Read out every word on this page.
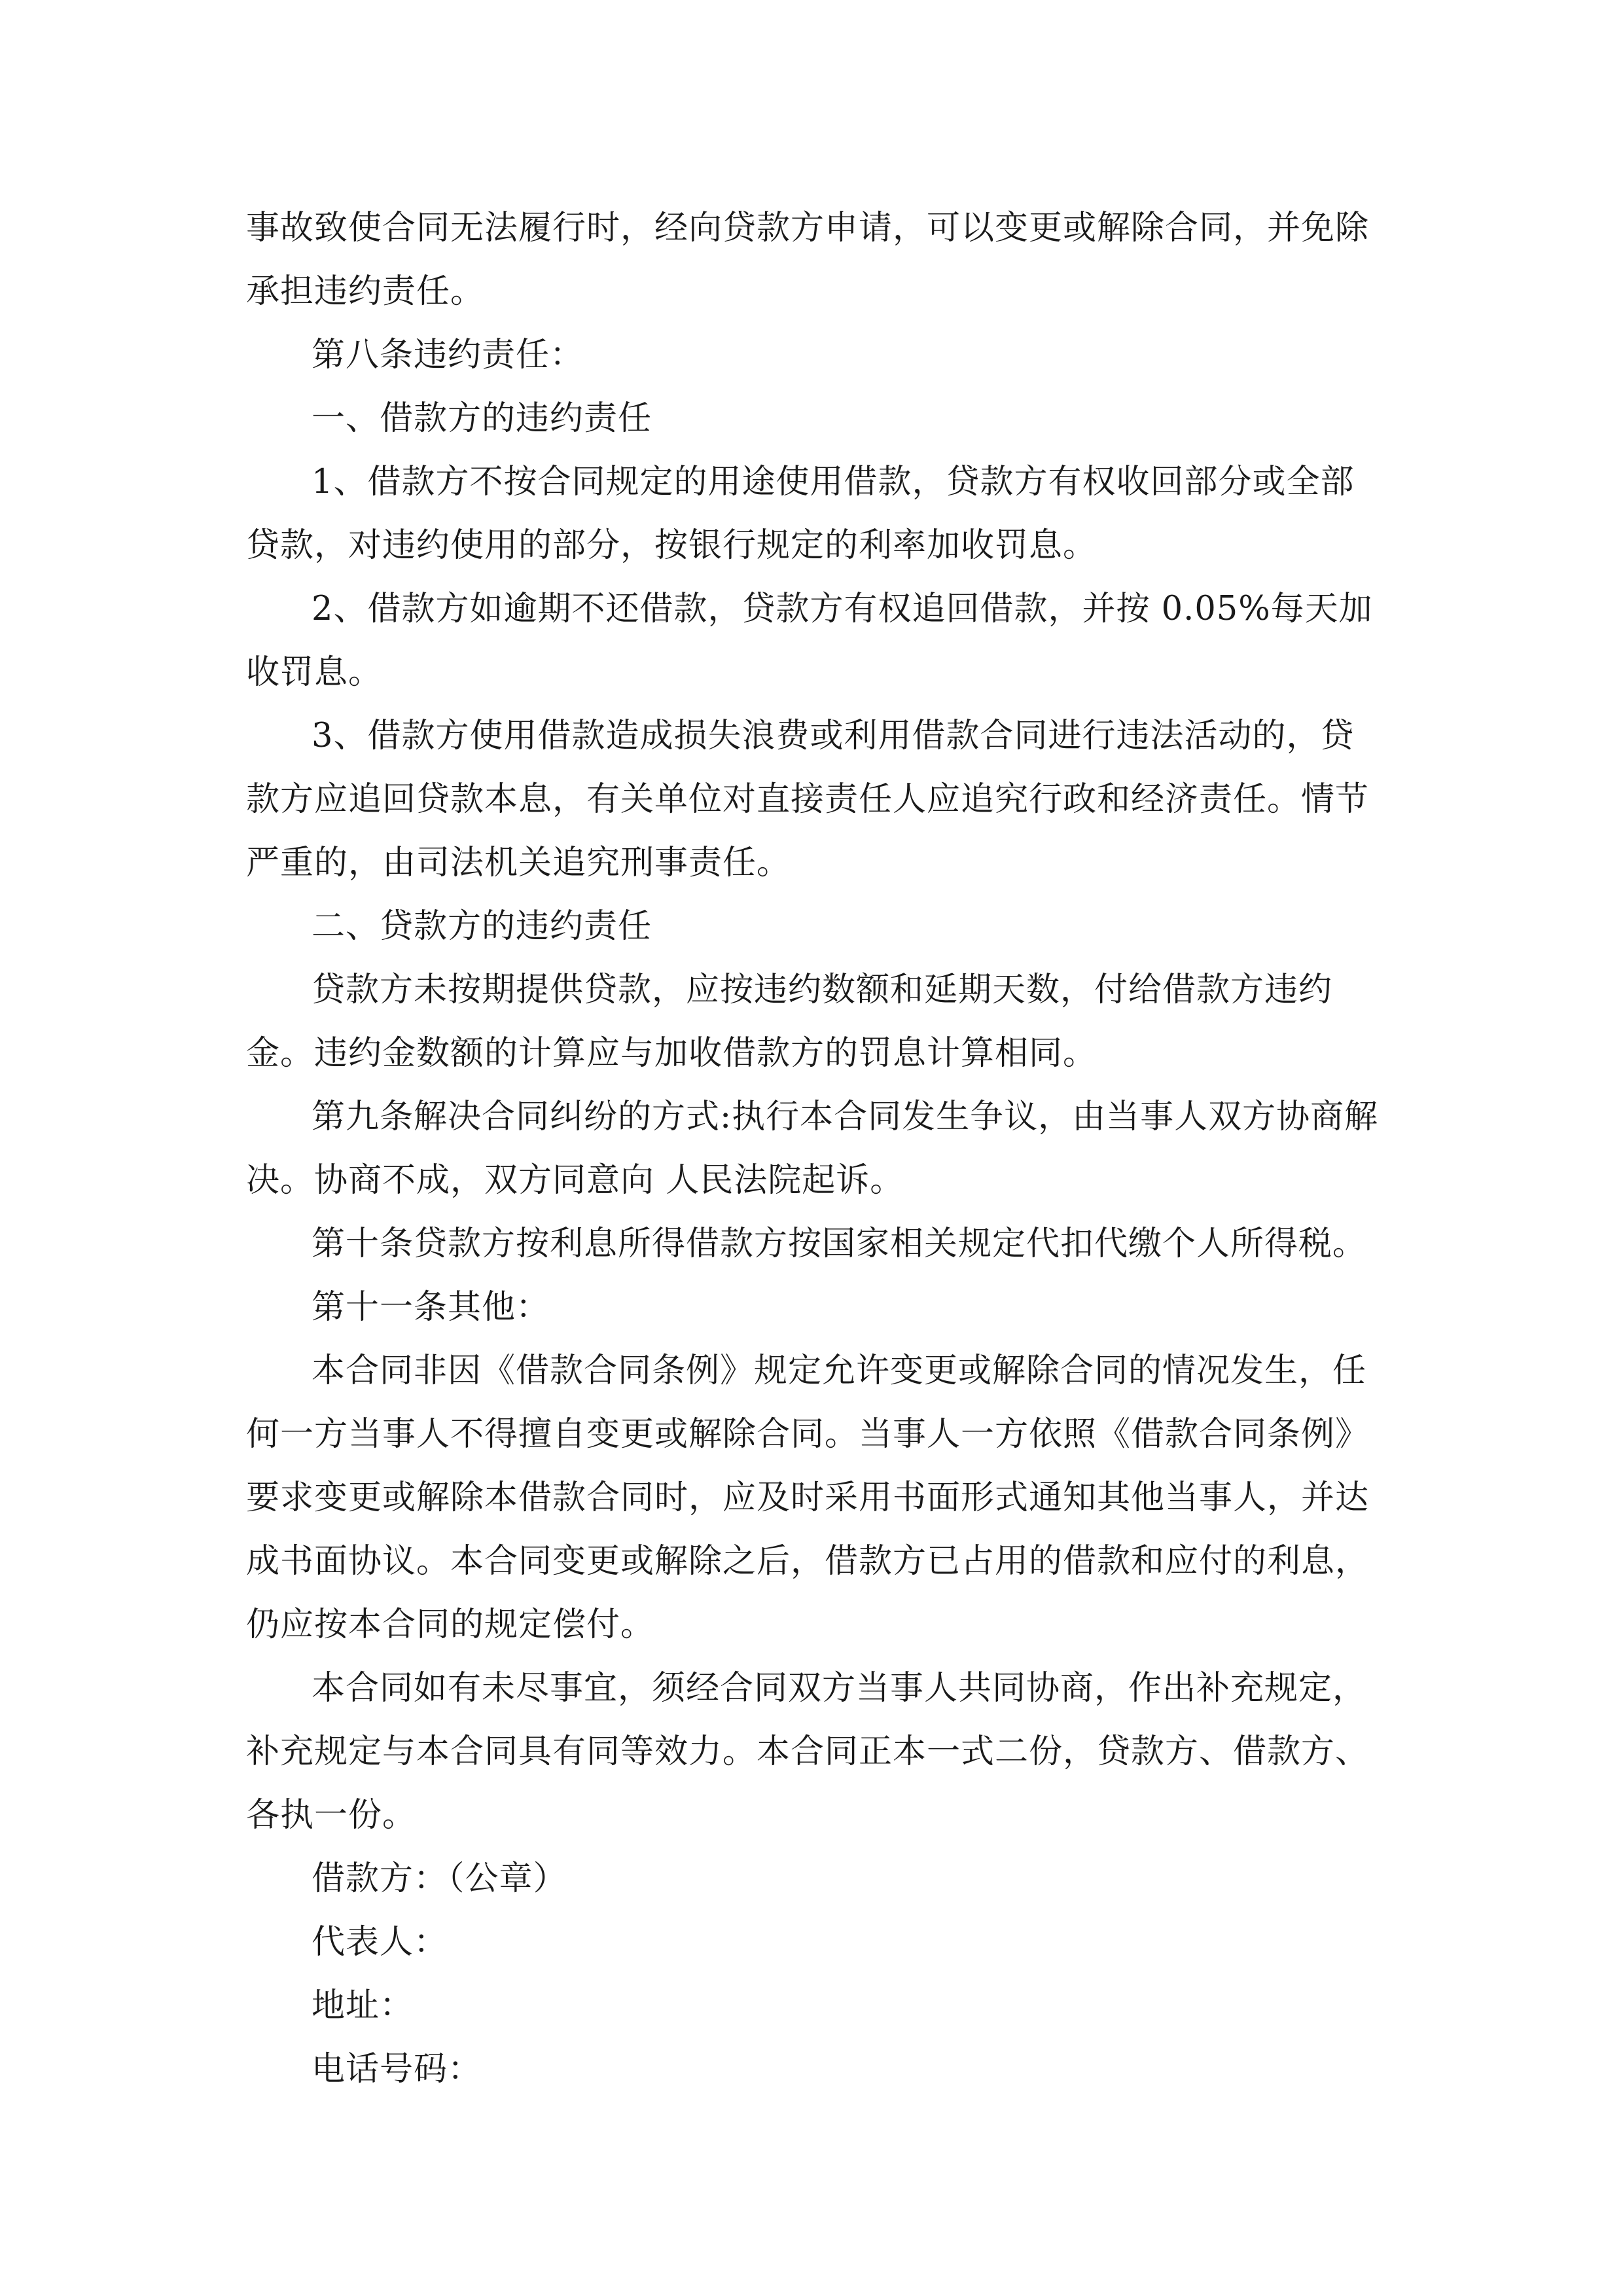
事故致使合同无法履行时，经向贷款方申请，可以变更或解除合同，并免除承担违约责任。

第八条违约责任：

一、借款方的违约责任

1、借款方不按合同规定的用途使用借款，贷款方有权收回部分或全部贷款，对违约使用的部分，按银行规定的利率加收罚息。

2、借款方如逾期不还借款，贷款方有权追回借款，并按 0.05%每天加收罚息。

3、借款方使用借款造成损失浪费或利用借款合同进行违法活动的，贷款方应追回贷款本息，有关单位对直接责任人应追究行政和经济责任。情节严重的，由司法机关追究刑事责任。

二、贷款方的违约责任

贷款方未按期提供贷款，应按违约数额和延期天数，付给借款方违约金。违约金数额的计算应与加收借款方的罚息计算相同。

第九条解决合同纠纷的方式:执行本合同发生争议，由当事人双方协商解决。协商不成，双方同意向 人民法院起诉。

第十条贷款方按利息所得借款方按国家相关规定代扣代缴个人所得税。

第十一条其他：

本合同非因《借款合同条例》规定允许变更或解除合同的情况发生，任何一方当事人不得擅自变更或解除合同。当事人一方依照《借款合同条例》要求变更或解除本借款合同时，应及时采用书面形式通知其他当事人，并达成书面协议。本合同变更或解除之后，借款方已占用的借款和应付的利息，仍应按本合同的规定偿付。

本合同如有未尽事宜，须经合同双方当事人共同协商，作出补充规定，补充规定与本合同具有同等效力。本合同正本一式二份，贷款方、借款方、各执一份。

借款方：（公章）

代表人：

地址：

电话号码：
